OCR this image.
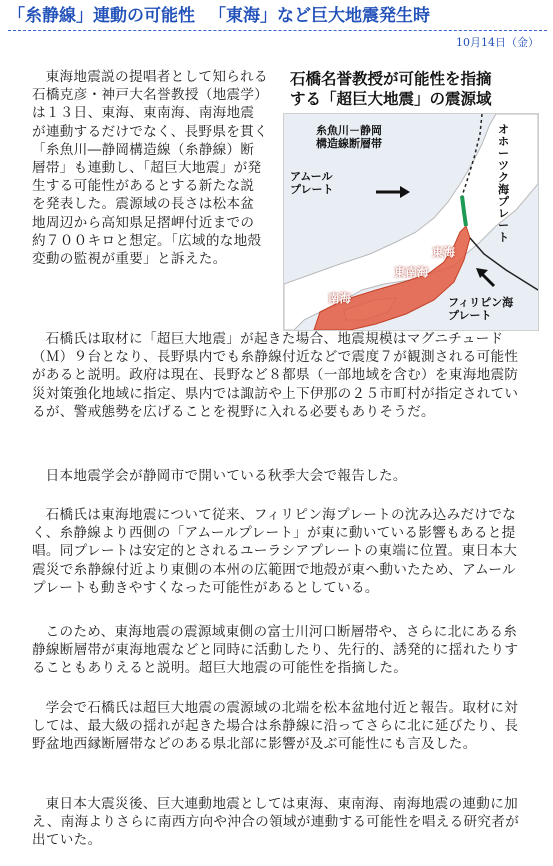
「糸静線」連動の可能性 「東海」など巨大地震発生時
10月14日（金）

東海地震説の提唱者として知られる石橋克彦・神戸大名誉教授（地震学）は１３日、東海、東南海、南海地震が連動するだけでなく、長野県を貫く「糸魚川―静岡構造線（糸静線）断層帯」も連動し、「超巨大地震」が発生する可能性があるとする新たな説を発表した。震源域の長さは松本盆地周辺から高知県足摺岬付近までの約７００キロと想定。「広域的な地殻変動の監視が重要」と訴えた。

石橋名誉教授が可能性を指摘
する「超巨大地震」の震源域
糸魚川－静岡
構造線断層帯
アムール
プレート
オホーツク海 プレート
フィリピン海
プレート
東海
東南海
南海

石橋氏は取材に「超巨大地震」が起きた場合、地震規模はマグニチュード（Ｍ）９台となり、長野県内でも糸静線付近などで震度７が観測される可能性があると説明。政府は現在、長野など８都県（一部地域を含む）を東海地震防災対策強化地域に指定、県内では諏訪や上下伊那の２５市町村が指定されているが、警戒態勢を広げることを視野に入れる必要もありそうだ。

日本地震学会が静岡市で開いている秋季大会で報告した。

石橋氏は東海地震について従来、フィリピン海プレートの沈み込みだけでなく、糸静線より西側の「アムールプレート」が東に動いている影響もあると提唱。同プレートは安定的とされるユーラシアプレートの東端に位置。東日本大震災で糸静線付近より東側の本州の広範囲で地殻が東へ動いたため、アムールプレートも動きやすくなった可能性があるとしている。

このため、東海地震の震源域東側の富士川河口断層帯や、さらに北にある糸静線断層帯が東海地震などと同時に活動したり、先行的、誘発的に揺れたりすることもありえると説明。超巨大地震の可能性を指摘した。

学会で石橋氏は超巨大地震の震源域の北端を松本盆地付近と報告。取材に対しては、最大級の揺れが起きた場合は糸静線に沿ってさらに北に延びたり、長野盆地西縁断層帯などのある県北部に影響が及ぶ可能性にも言及した。

東日本大震災後、巨大連動地震としては東海、東南海、南海地震の連動に加え、南海よりさらに南西方向や沖合の領域が連動する可能性を唱える研究者が出ていた。
